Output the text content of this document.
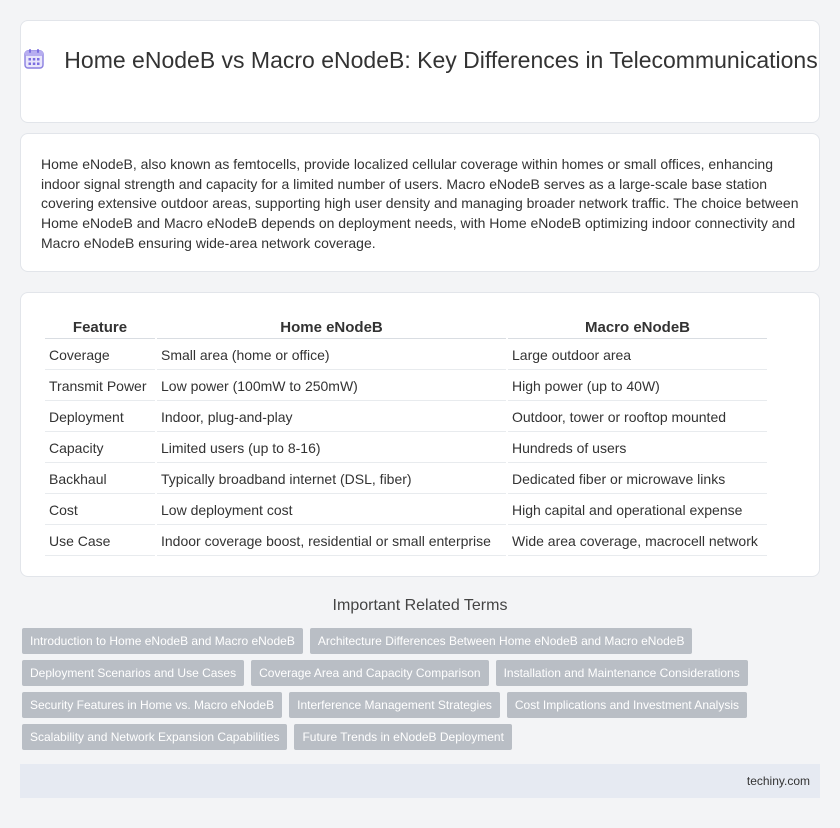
Home eNodeB vs Macro eNodeB: Key Differences in Telecommunications

Home eNodeB, also known as femtocells, provide localized cellular coverage within homes or small offices, enhancing indoor signal strength and capacity for a limited number of users. Macro eNodeB serves as a large-scale base station covering extensive outdoor areas, supporting high user density and managing broader network traffic. The choice between Home eNodeB and Macro eNodeB depends on deployment needs, with Home eNodeB optimizing indoor connectivity and Macro eNodeB ensuring wide-area network coverage.

Feature	Home eNodeB	Macro eNodeB
Coverage	Small area (home or office)	Large outdoor area
Transmit Power	Low power (100mW to 250mW)	High power (up to 40W)
Deployment	Indoor, plug-and-play	Outdoor, tower or rooftop mounted
Capacity	Limited users (up to 8-16)	Hundreds of users
Backhaul	Typically broadband internet (DSL, fiber)	Dedicated fiber or microwave links
Cost	Low deployment cost	High capital and operational expense
Use Case	Indoor coverage boost, residential or small enterprise	Wide area coverage, macrocell network
Important Related Terms
Introduction to Home eNodeB and Macro eNodeB	Architecture Differences Between Home eNodeB and Macro eNodeB
Deployment Scenarios and Use Cases	Coverage Area and Capacity Comparison	Installation and Maintenance Considerations
Security Features in Home vs. Macro eNodeB	Interference Management Strategies	Cost Implications and Investment Analysis
Scalability and Network Expansion Capabilities	Future Trends in eNodeB Deployment
techiny.com
